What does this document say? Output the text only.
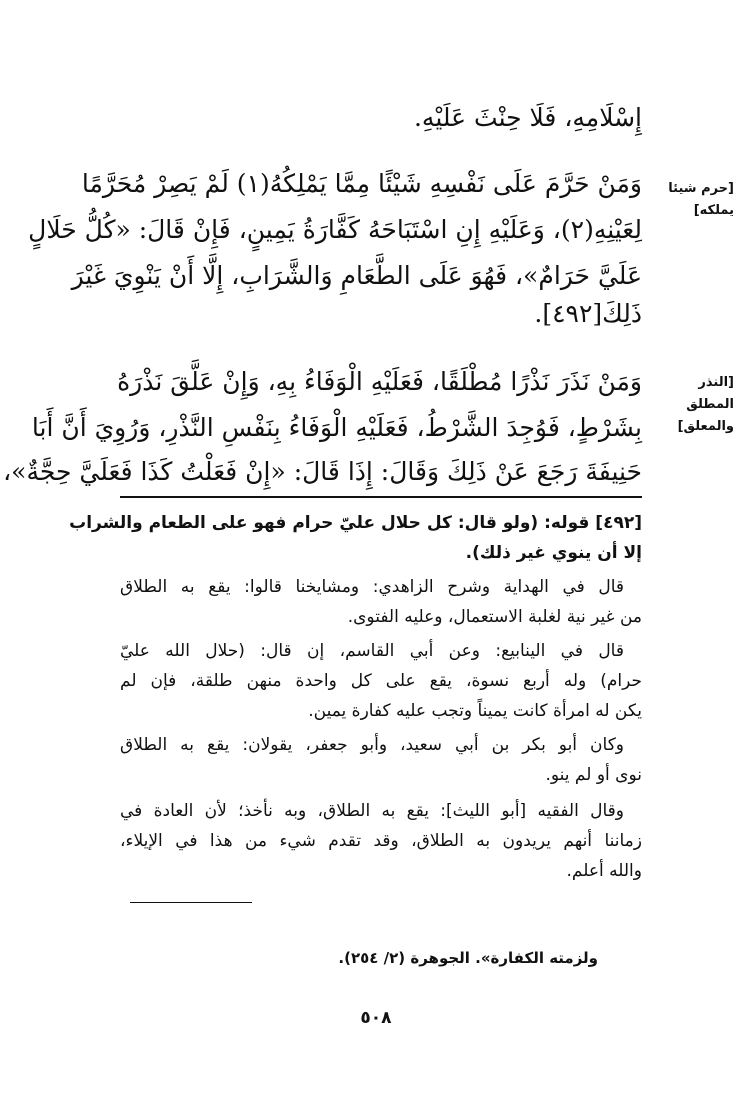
إِسْلَامِهِ، فَلَا حِنْثَ عَلَيْهِ.
[حرم شيئا
يملكه]
وَمَنْ حَرَّمَ عَلَى نَفْسِهِ شَيْئًا مِمَّا يَمْلِكُهُ(١) لَمْ يَصِرْ مُحَرَّمًا
لِعَيْنِهِ(٢)، وَعَلَيْهِ إِنِ اسْتَبَاحَهُ كَفَّارَةُ يَمِينٍ، فَإِنْ قَالَ: «كُلُّ حَلَالٍ
عَلَيَّ حَرَامٌ»، فَهُوَ عَلَى الطَّعَامِ وَالشَّرَابِ، إِلَّا أَنْ يَنْوِيَ غَيْرَ
ذَلِكَ[٤٩٢].
[النذر المطلق
والمعلق]
وَمَنْ نَذَرَ نَذْرًا مُطْلَقًا، فَعَلَيْهِ الْوَفَاءُ بِهِ، وَإِنْ عَلَّقَ نَذْرَهُ
بِشَرْطٍ، فَوُجِدَ الشَّرْطُ، فَعَلَيْهِ الْوَفَاءُ بِنَفْسِ النَّذْرِ، وَرُوِيَ أَنَّ أَبَا
حَنِيفَةَ رَجَعَ عَنْ ذَلِكَ وَقَالَ: إِذَا قَالَ: «إِنْ فَعَلْتُ كَذَا فَعَلَيَّ حِجَّةٌ»،
[٤٩٢] قوله: (ولو قال: كل حلال عليّ حرام فهو على الطعام والشراب
إلا أن ينوي غير ذلك).
قال في الهداية وشرح الزاهدي: ومشايخنا قالوا: يقع به الطلاق
من غير نية لغلبة الاستعمال، وعليه الفتوى.
قال في الينابيع: وعن أبي القاسم، إن قال: (حلال الله عليّ
حرام) وله أربع نسوة، يقع على كل واحدة منهن طلقة، فإن لم
يكن له امرأة كانت يميناً وتجب عليه كفارة يمين.
وكان أبو بكر بن أبي سعيد، وأبو جعفر، يقولان: يقع به الطلاق
نوى أو لم ينو.
وقال الفقيه [أبو الليث]: يقع به الطلاق، وبه نأخذ؛ لأن العادة في
زماننا أنهم يريدون به الطلاق، وقد تقدم شيء من هذا في الإيلاء،
والله أعلم.
ولزمته الكفارة». الجوهرة (٢/ ٢٥٤).
٥٠٨
